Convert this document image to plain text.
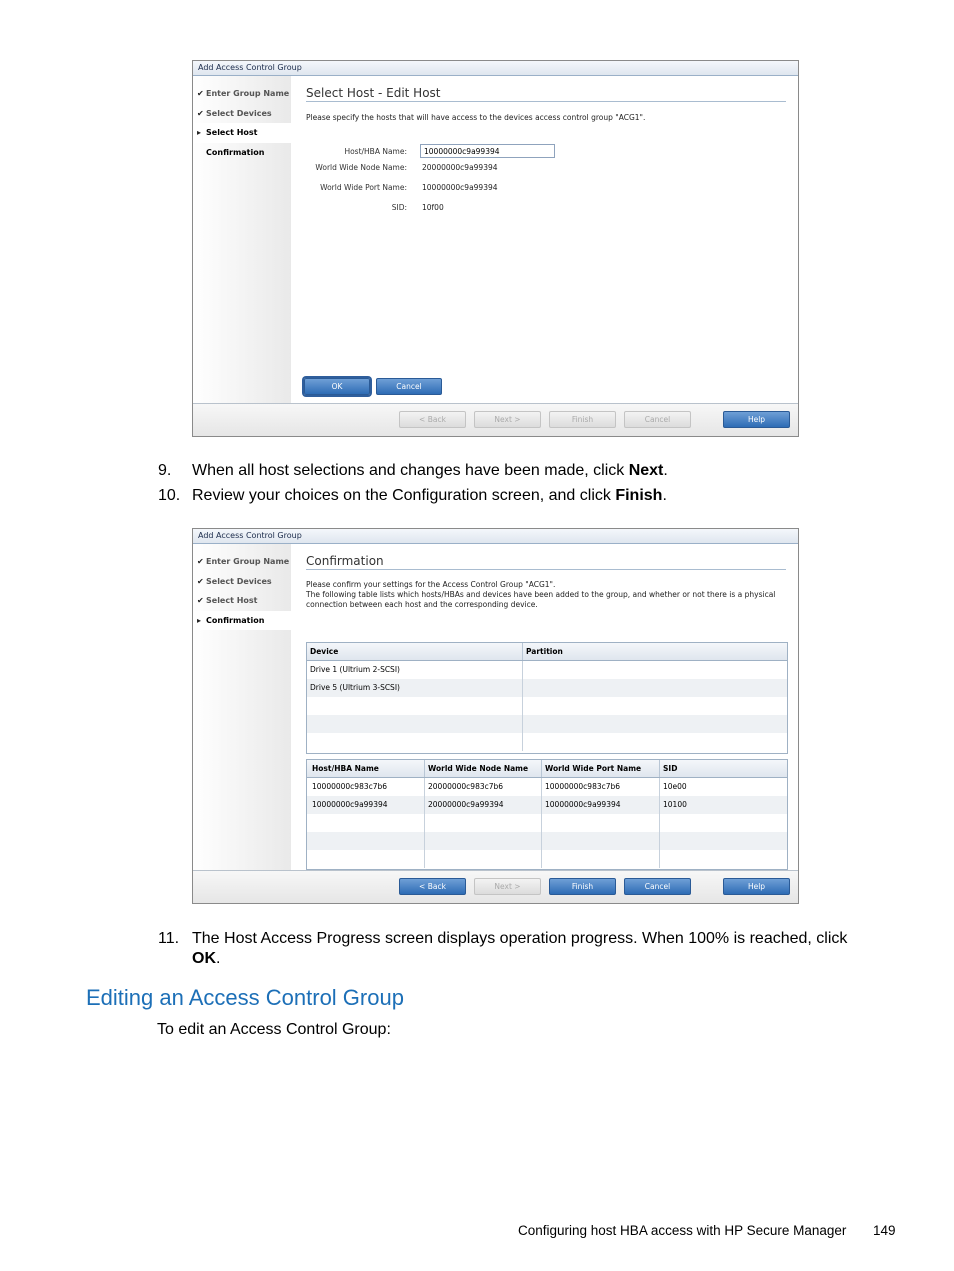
Add Access Control Group
✔ Enter Group Name
✔ Select Devices
▸ Select Host
Confirmation
Select Host - Edit Host
Please specify the hosts that will have access to the devices access control group "ACG1".
Host/HBA Name:
10000000c9a99394
World Wide Node Name: 20000000c9a99394
World Wide Port Name: 10000000c9a99394
SID: 10f00
OK	Cancel
< Back	Next >	Finish	Cancel	Help
9. When all host selections and changes have been made, click Next.
10. Review your choices on the Configuration screen, and click Finish.
Add Access Control Group
✔ Enter Group Name
✔ Select Devices
✔ Select Host
▸ Confirmation
Confirmation
Please confirm your settings for the Access Control Group "ACG1".
The following table lists which hosts/HBAs and devices have been added to the group, and whether or not there is a physical
connection between each host and the corresponding device.
Device	Partition
Drive 1 (Ultrium 2-SCSI)
Drive 5 (Ultrium 3-SCSI)
Host/HBA Name	World Wide Node Name	World Wide Port Name	SID
10000000c983c7b6	20000000c983c7b6	10000000c983c7b6	10e00
10000000c9a99394	20000000c9a99394	10000000c9a99394	10100
< Back	Next >	Finish	Cancel	Help
11. The Host Access Progress screen displays operation progress. When 100% is reached, click
OK.
Editing an Access Control Group
To edit an Access Control Group:
Configuring host HBA access with HP Secure Manager 149
